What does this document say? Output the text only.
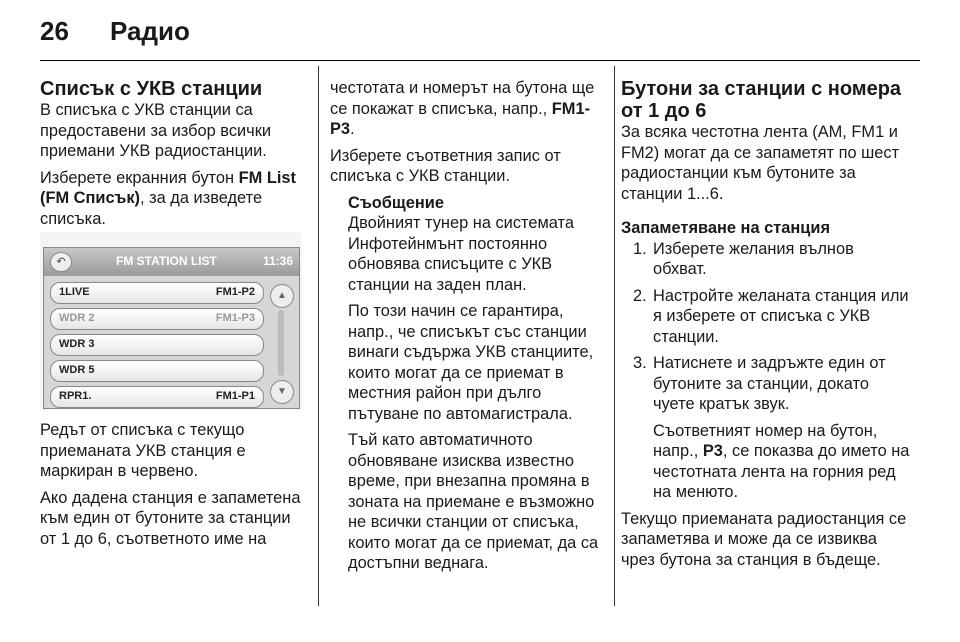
26 Радио
Списък с УКВ станции
В списъка с УКВ станции са предоставени за избор всички приемани УКВ радиостанции.
Изберете екранния бутон FM List (FM Списък), за да изведете списъка.
↶	FM STATION LIST	11:36
1LIVE	FM1-P2
WDR 2	FM1-P3
WDR 3
WDR 5
RPR1.	FM1-P1
▲
▼
Редът от списъка с текущо приеманата УКВ станция е маркиран в червено.
Ако дадена станция е запаметена към един от бутоните за станции от 1 до 6, съответното име на
честотата и номерът на бутона ще се покажат в списъка, напр., FM1-P3.
Изберете съответния запис от списъка с УКВ станции.
Съобщение
Двойният тунер на системата Инфотейнмънт постоянно обновява списъците с УКВ станции на заден план.
По този начин се гарантира, напр., че списъкът със станции винаги съдържа УКВ станциите, които могат да се приемат в местния район при дълго пътуване по автомагистрала.
Тъй като автоматичното обновяване изисква известно време, при внезапна промяна в зоната на приемане е възможно не всички станции от списъка, които могат да се приемат, да са достъпни веднага.
Бутони за станции с номера от 1 до 6
За всяка честотна лента (AM, FM1 и FM2) могат да се запаметят по шест радиостанции към бутоните за станции 1...6.
Запаметяване на станция
1. Изберете желания вълнов обхват.
2. Настройте желаната станция или я изберете от списъка с УКВ станции.
3. Натиснете и задръжте един от бутоните за станции, докато чуете кратък звук.
Съответният номер на бутон, напр., P3, се показва до името на честотната лента на горния ред на менюто.
Текущо приеманата радиостанция се запаметява и може да се извиква чрез бутона за станция в бъдеще.
